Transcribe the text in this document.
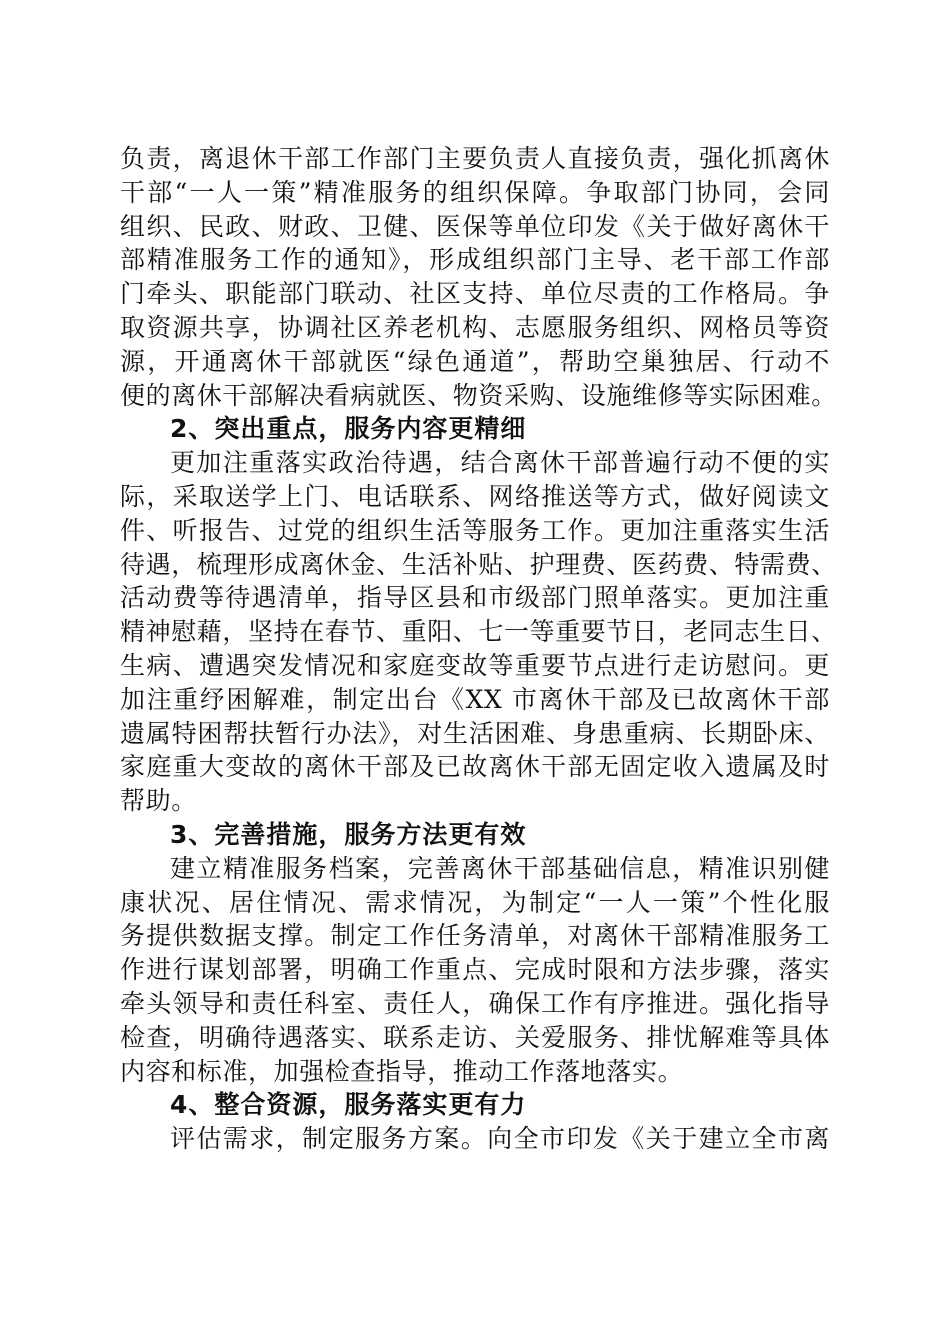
负责，离退休干部工作部门主要负责人直接负责，强化抓离休
干部“一人一策”精准服务的组织保障。争取部门协同，会同
组织、民政、财政、卫健、医保等单位印发《关于做好离休干
部精准服务工作的通知》，形成组织部门主导、老干部工作部
门牵头、职能部门联动、社区支持、单位尽责的工作格局。争
取资源共享，协调社区养老机构、志愿服务组织、网格员等资
源，开通离休干部就医“绿色通道”，帮助空巢独居、行动不
便的离休干部解决看病就医、物资采购、设施维修等实际困难。
2、突出重点，服务内容更精细
更加注重落实政治待遇，结合离休干部普遍行动不便的实
际，采取送学上门、电话联系、网络推送等方式，做好阅读文
件、听报告、过党的组织生活等服务工作。更加注重落实生活
待遇，梳理形成离休金、生活补贴、护理费、医药费、特需费、
活动费等待遇清单，指导区县和市级部门照单落实。更加注重
精神慰藉，坚持在春节、重阳、七一等重要节日，老同志生日、
生病、遭遇突发情况和家庭变故等重要节点进行走访慰问。更
加注重纾困解难，制定出台《XX 市离休干部及已故离休干部
遗属特困帮扶暂行办法》，对生活困难、身患重病、长期卧床、
家庭重大变故的离休干部及已故离休干部无固定收入遗属及时
帮助。
3、完善措施，服务方法更有效
建立精准服务档案，完善离休干部基础信息，精准识别健
康状况、居住情况、需求情况，为制定“一人一策”个性化服
务提供数据支撑。制定工作任务清单，对离休干部精准服务工
作进行谋划部署，明确工作重点、完成时限和方法步骤，落实
牵头领导和责任科室、责任人，确保工作有序推进。强化指导
检查，明确待遇落实、联系走访、关爱服务、排忧解难等具体
内容和标准，加强检查指导，推动工作落地落实。
4、整合资源，服务落实更有力
评估需求，制定服务方案。向全市印发《关于建立全市离
